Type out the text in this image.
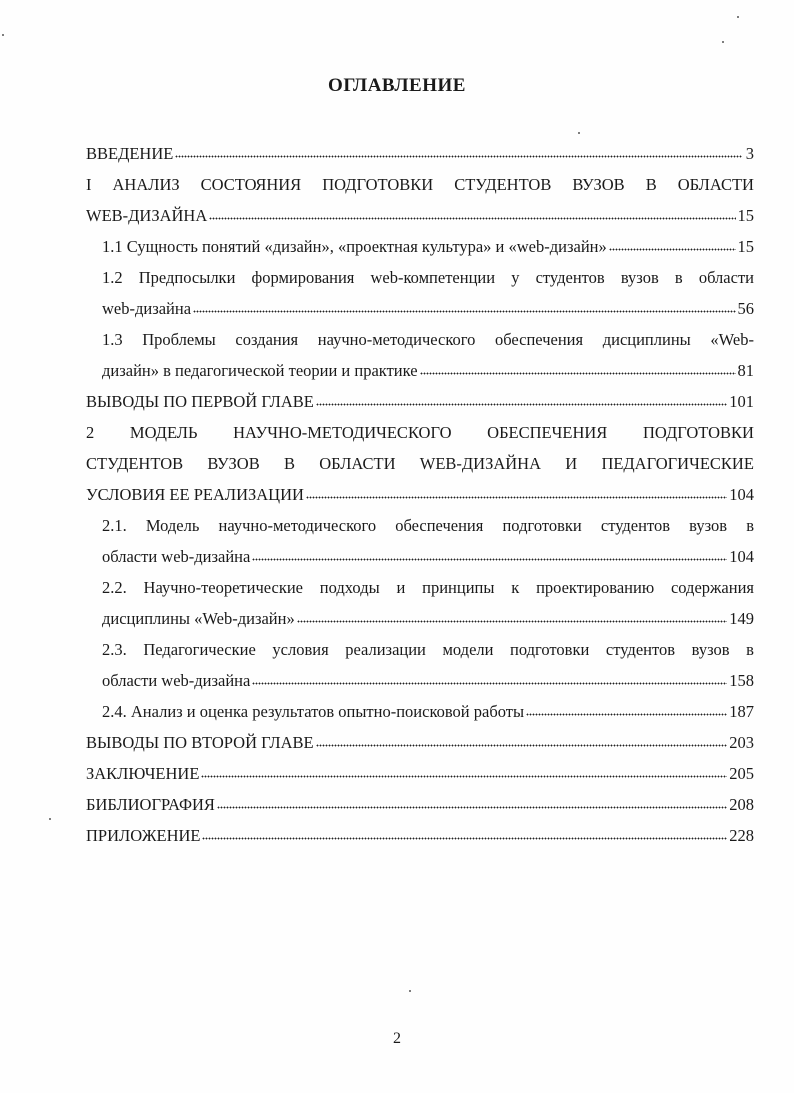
ОГЛАВЛЕНИЕ
ВВЕДЕНИЕ	3
I АНАЛИЗ СОСТОЯНИЯ ПОДГОТОВКИ СТУДЕНТОВ ВУЗОВ В ОБЛАСТИ
WEB-ДИЗАЙНА	15
1.1 Сущность понятий «дизайн», «проектная культура» и «web-дизайн»	15
1.2 Предпосылки формирования web-компетенции у студентов вузов в области
web-дизайна	56
1.3 Проблемы создания научно-методического обеспечения дисциплины «Web-
дизайн» в педагогической теории и практике	81
ВЫВОДЫ ПО ПЕРВОЙ ГЛАВЕ	101
2 МОДЕЛЬ НАУЧНО-МЕТОДИЧЕСКОГО ОБЕСПЕЧЕНИЯ ПОДГОТОВКИ
СТУДЕНТОВ ВУЗОВ В ОБЛАСТИ WEB-ДИЗАЙНА И ПЕДАГОГИЧЕСКИЕ
УСЛОВИЯ ЕЕ РЕАЛИЗАЦИИ	104
2.1. Модель научно-методического обеспечения подготовки студентов вузов в
области web-дизайна	104
2.2. Научно-теоретические подходы и принципы к проектированию содержания
дисциплины «Web-дизайн»	149
2.3. Педагогические условия реализации модели подготовки студентов вузов в
области web-дизайна	158
2.4. Анализ и оценка результатов опытно-поисковой работы	187
ВЫВОДЫ ПО ВТОРОЙ ГЛАВЕ	203
ЗАКЛЮЧЕНИЕ	205
БИБЛИОГРАФИЯ	208
ПРИЛОЖЕНИЕ	228
2
